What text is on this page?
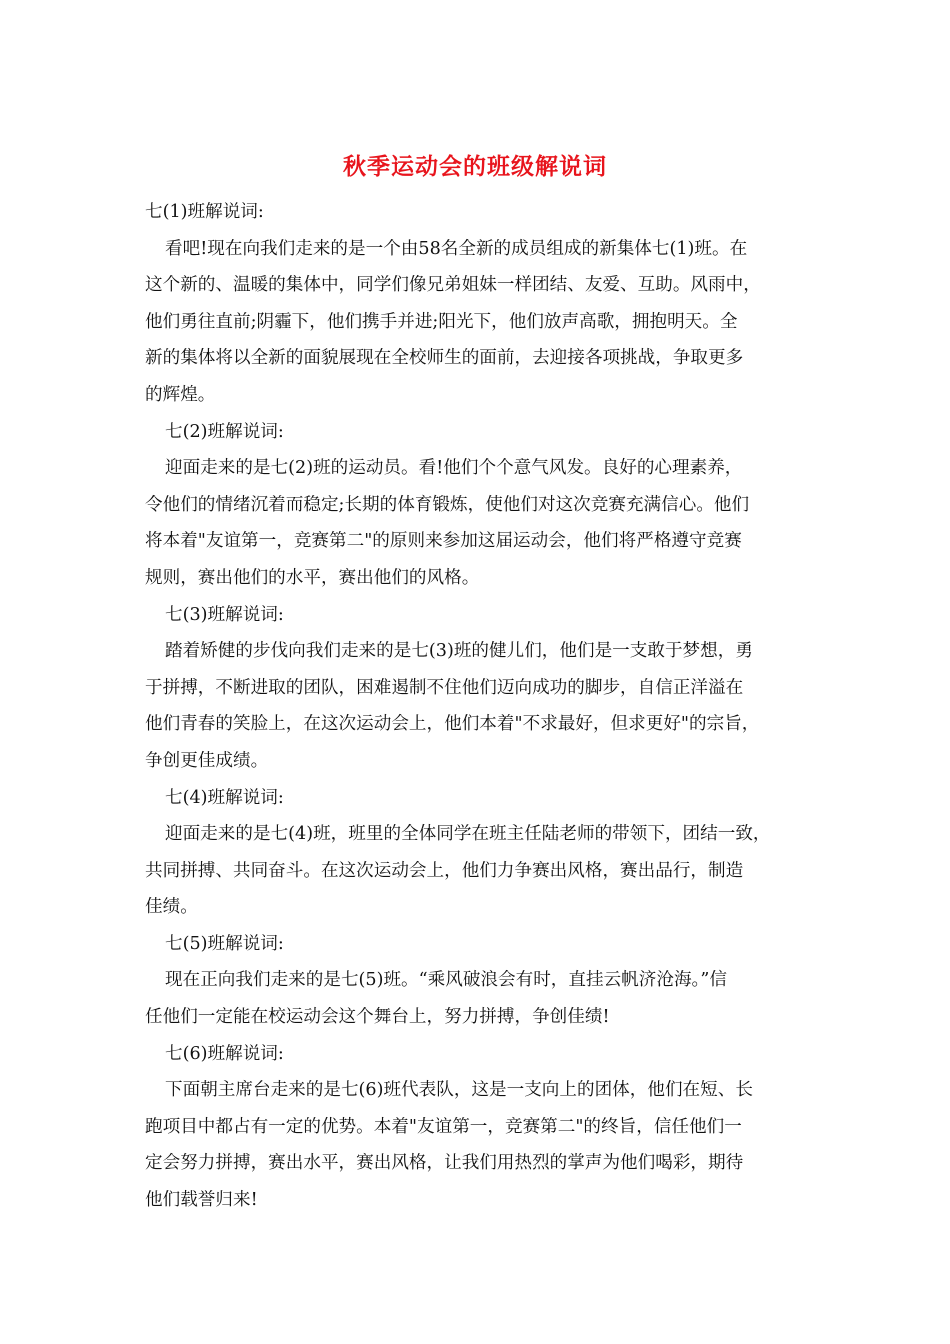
秋季运动会的班级解说词
七(1)班解说词:
看吧!现在向我们走来的是一个由58名全新的成员组成的新集体七(1)班。在
这个新的、温暖的集体中，同学们像兄弟姐妹一样团结、友爱、互助。风雨中，
他们勇往直前;阴霾下，他们携手并进;阳光下，他们放声高歌，拥抱明天。全
新的集体将以全新的面貌展现在全校师生的面前，去迎接各项挑战，争取更多
的辉煌。
七(2)班解说词:
迎面走来的是七(2)班的运动员。看!他们个个意气风发。良好的心理素养，
令他们的情绪沉着而稳定;长期的体育锻炼，使他们对这次竞赛充满信心。他们
将本着"友谊第一，竞赛第二"的原则来参加这届运动会，他们将严格遵守竞赛
规则，赛出他们的水平，赛出他们的风格。
七(3)班解说词:
踏着矫健的步伐向我们走来的是七(3)班的健儿们，他们是一支敢于梦想，勇
于拼搏，不断进取的团队，困难遏制不住他们迈向成功的脚步，自信正洋溢在
他们青春的笑脸上，在这次运动会上，他们本着"不求最好，但求更好"的宗旨，
争创更佳成绩。
七(4)班解说词:
迎面走来的是七(4)班，班里的全体同学在班主任陆老师的带领下，团结一致，
共同拼搏、共同奋斗。在这次运动会上，他们力争赛出风格，赛出品行，制造
佳绩。
七(5)班解说词:
现在正向我们走来的是七(5)班。“乘风破浪会有时，直挂云帆济沧海。”信
任他们一定能在校运动会这个舞台上，努力拼搏，争创佳绩!
七(6)班解说词:
下面朝主席台走来的是七(6)班代表队，这是一支向上的团体，他们在短、长
跑项目中都占有一定的优势。本着"友谊第一，竞赛第二"的终旨，信任他们一
定会努力拼搏，赛出水平，赛出风格，让我们用热烈的掌声为他们喝彩，期待
他们载誉归来!
